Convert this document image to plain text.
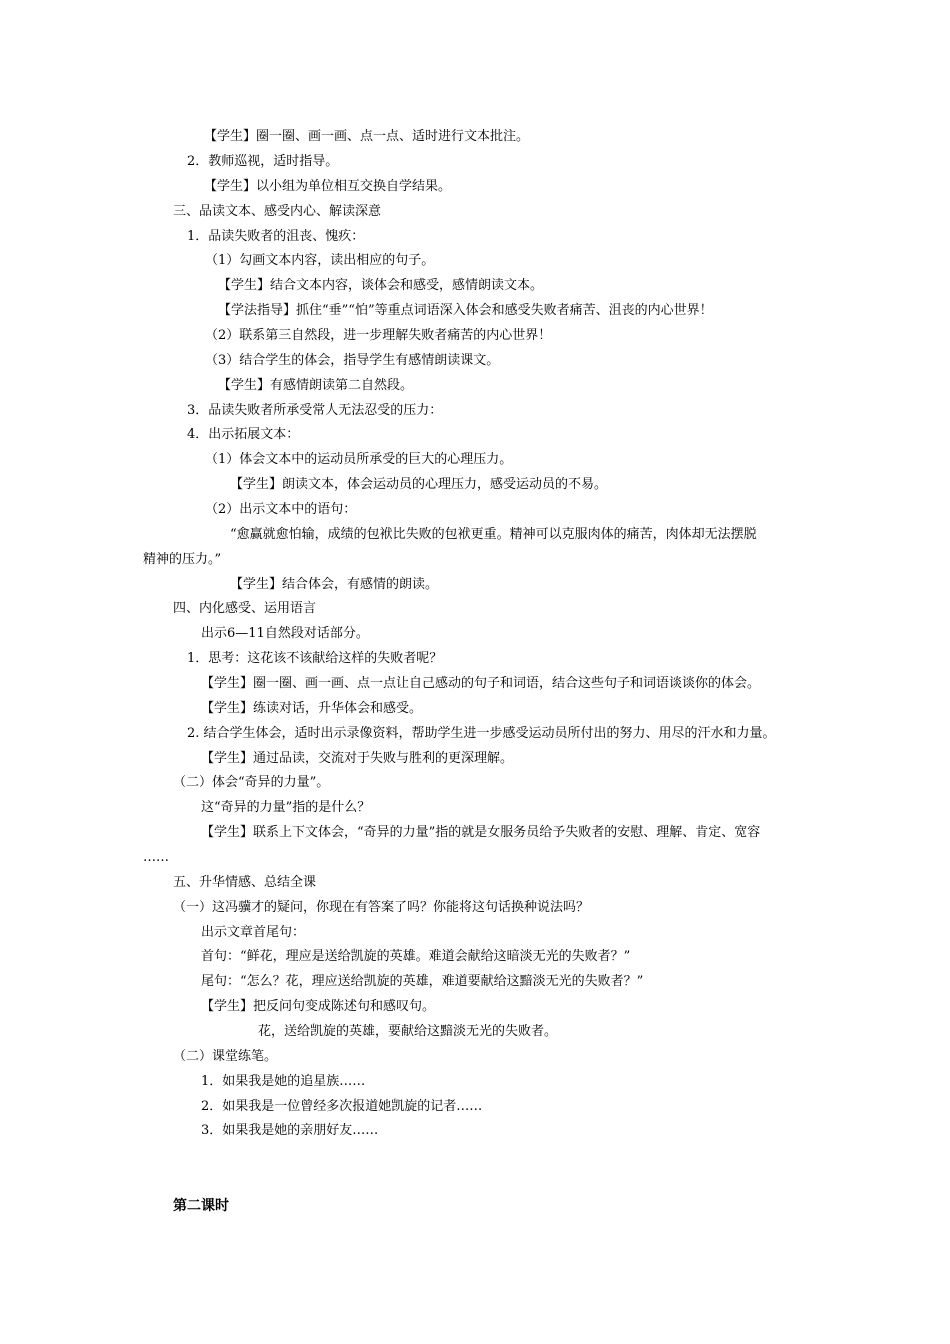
【学生】圈一圈、画一画、点一点、适时进行文本批注。
2．教师巡视，适时指导。
【学生】以小组为单位相互交换自学结果。
三、品读文本、感受内心、解读深意
1．品读失败者的沮丧、愧疚：
（1）勾画文本内容，读出相应的句子。
【学生】结合文本内容，谈体会和感受，感情朗读文本。
【学法指导】抓住“垂”“怕”等重点词语深入体会和感受失败者痛苦、沮丧的内心世界！
（2）联系第三自然段，进一步理解失败者痛苦的内心世界！
（3）结合学生的体会，指导学生有感情朗读课文。
【学生】有感情朗读第二自然段。
3．品读失败者所承受常人无法忍受的压力：
4．出示拓展文本：
（1）体会文本中的运动员所承受的巨大的心理压力。
【学生】朗读文本，体会运动员的心理压力，感受运动员的不易。
（2）出示文本中的语句：
“愈赢就愈怕输，成绩的包袱比失败的包袱更重。精神可以克服肉体的痛苦，肉体却无法摆脱
精神的压力。”
【学生】结合体会，有感情的朗读。
四、内化感受、运用语言
出示6—11自然段对话部分。
1．思考：这花该不该献给这样的失败者呢？
【学生】圈一圈、画一画、点一点让自己感动的句子和词语，结合这些句子和词语谈谈你的体会。
【学生】练读对话，升华体会和感受。
2. 结合学生体会，适时出示录像资料，帮助学生进一步感受运动员所付出的努力、用尽的汗水和力量。
【学生】通过品读，交流对于失败与胜利的更深理解。
（二）体会“奇异的力量”。
这“奇异的力量”指的是什么？
【学生】联系上下文体会，“奇异的力量”指的就是女服务员给予失败者的安慰、理解、肯定、宽容
……
五、升华情感、总结全课
（一）这冯骥才的疑问，你现在有答案了吗？你能将这句话换种说法吗？
出示文章首尾句：
首句：“鲜花，理应是送给凯旋的英雄。难道会献给这暗淡无光的失败者？”
尾句：“怎么？花，理应送给凯旋的英雄，难道要献给这黯淡无光的失败者？”
【学生】把反问句变成陈述句和感叹句。
花，送给凯旋的英雄，要献给这黯淡无光的失败者。
（二）课堂练笔。
1．如果我是她的追星族……
2．如果我是一位曾经多次报道她凯旋的记者……
3．如果我是她的亲朋好友……
第二课时
